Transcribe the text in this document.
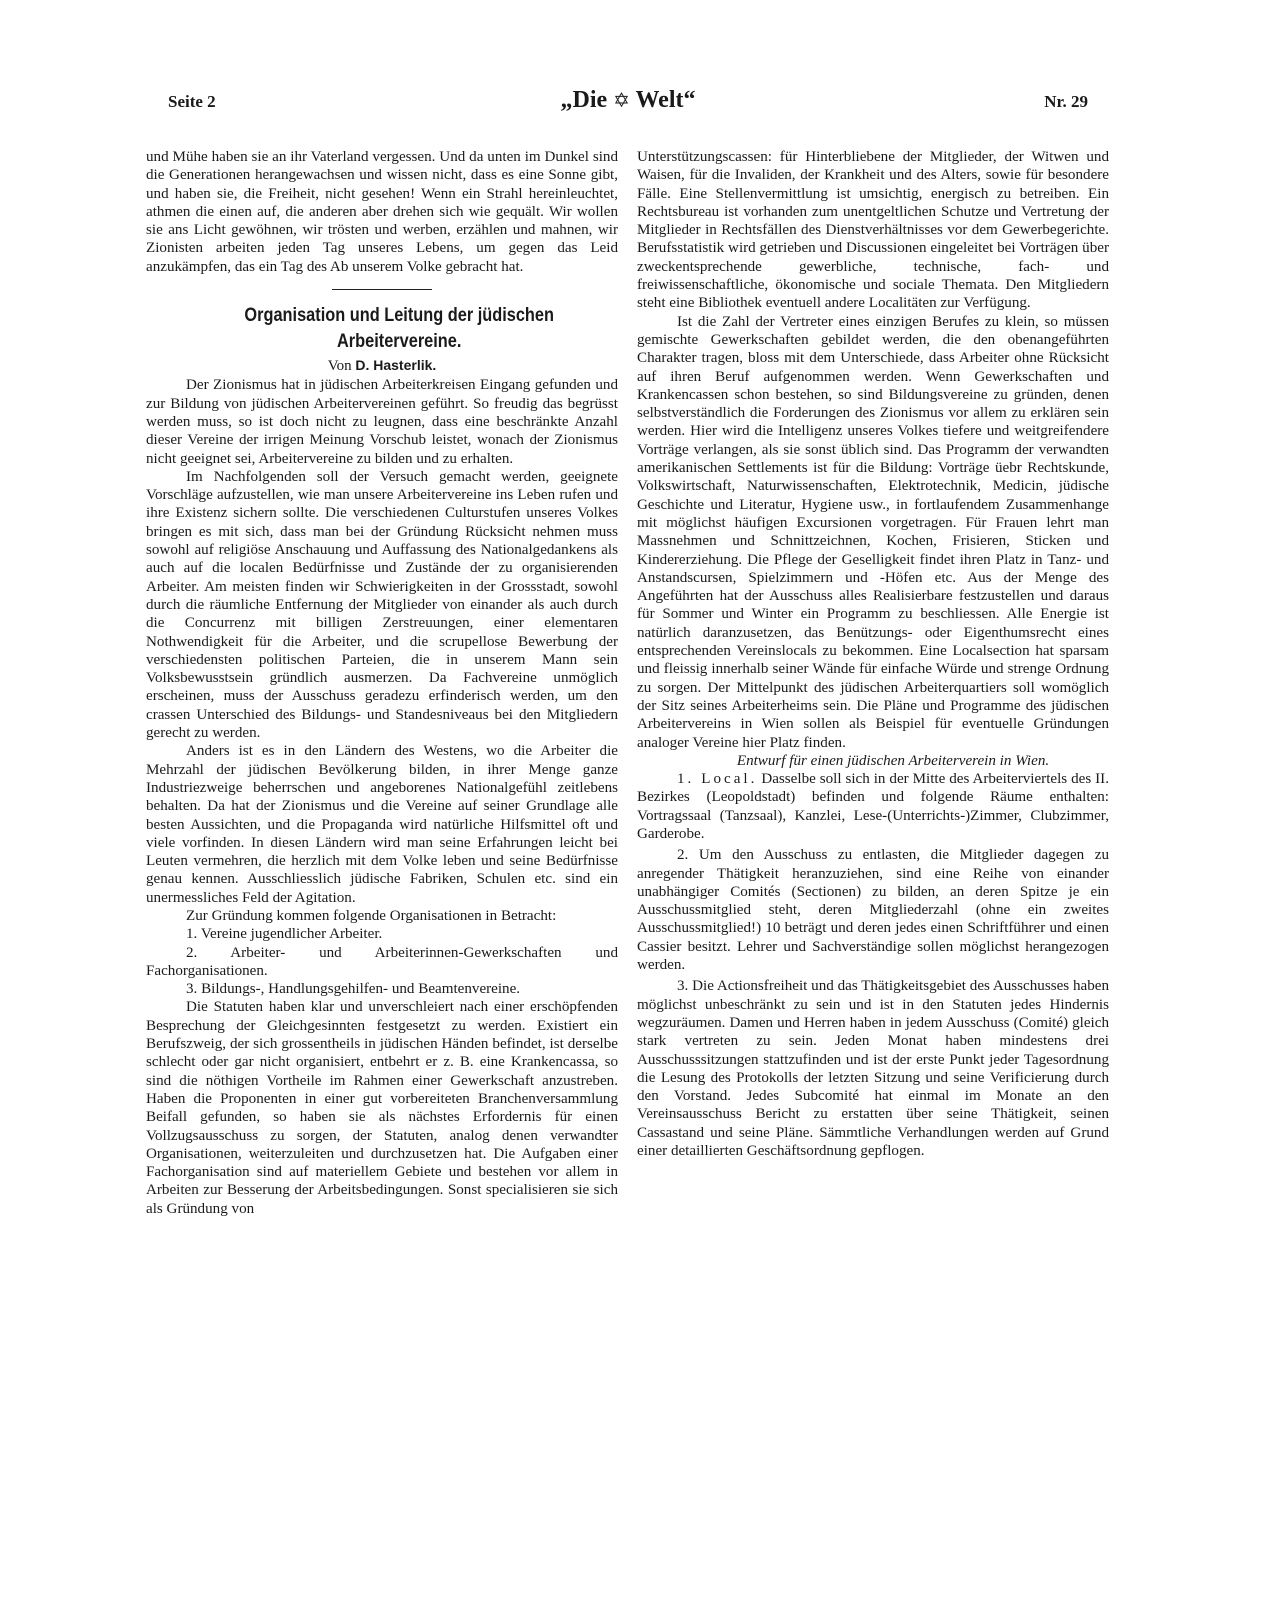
Seite 2	„Die ✡ Welt“	Nr. 29

und Mühe haben sie an ihr Vaterland vergessen. Und da unten im Dunkel sind die Generationen herangewachsen und wissen nicht, dass es eine Sonne gibt, und haben sie, die Freiheit, nicht gesehen! Wenn ein Strahl hereinleuchtet, athmen die einen auf, die anderen aber drehen sich wie gequält. Wir wollen sie ans Licht gewöhnen, wir trösten und werben, erzählen und mahnen, wir Zionisten arbeiten jeden Tag unseres Lebens, um gegen das Leid anzukämpfen, das ein Tag des Ab unserem Volke gebracht hat.

Organisation und Leitung der jüdischen

Arbeitervereine.

Von D. Hasterlik.

Der Zionismus hat in jüdischen Arbeiterkreisen Eingang gefunden und zur Bildung von jüdischen Arbeitervereinen geführt. So freudig das begrüsst werden muss, so ist doch nicht zu leugnen, dass eine beschränkte Anzahl dieser Vereine der irrigen Meinung Vorschub leistet, wonach der Zionismus nicht geeignet sei, Arbeitervereine zu bilden und zu erhalten.

Im Nachfolgenden soll der Versuch gemacht werden, geeignete Vorschläge aufzustellen, wie man unsere Arbeitervereine ins Leben rufen und ihre Existenz sichern sollte. Die verschiedenen Culturstufen unseres Volkes bringen es mit sich, dass man bei der Gründung Rücksicht nehmen muss sowohl auf religiöse Anschauung und Auffassung des Nationalgedankens als auch auf die localen Bedürfnisse und Zustände der zu organisierenden Arbeiter. Am meisten finden wir Schwierigkeiten in der Grossstadt, sowohl durch die räumliche Entfernung der Mitglieder von einander als auch durch die Concurrenz mit billigen Zerstreuungen, einer elementaren Nothwendigkeit für die Arbeiter, und die scrupellose Bewerbung der verschiedensten politischen Parteien, die in unserem Mann sein Volksbewusstsein gründlich ausmerzen. Da Fachvereine unmöglich erscheinen, muss der Ausschuss geradezu erfinderisch werden, um den crassen Unterschied des Bildungs- und Standesniveaus bei den Mitgliedern gerecht zu werden.

Anders ist es in den Ländern des Westens, wo die Arbeiter die Mehrzahl der jüdischen Bevölkerung bilden, in ihrer Menge ganze Industriezweige beherrschen und angeborenes Nationalgefühl zeitlebens behalten. Da hat der Zionismus und die Vereine auf seiner Grundlage alle besten Aussichten, und die Propaganda wird natürliche Hilfsmittel oft und viele vorfinden. In diesen Ländern wird man seine Erfahrungen leicht bei Leuten vermehren, die herzlich mit dem Volke leben und seine Bedürfnisse genau kennen. Ausschliesslich jüdische Fabriken, Schulen etc. sind ein unermessliches Feld der Agitation.

Zur Gründung kommen folgende Organisationen in Betracht:

1. Vereine jugendlicher Arbeiter.

2. Arbeiter- und Arbeiterinnen-Gewerkschaften und Fachorganisationen.

3. Bildungs-, Handlungsgehilfen- und Beamtenvereine.

Die Statuten haben klar und unverschleiert nach einer erschöpfenden Besprechung der Gleichgesinnten festgesetzt zu werden. Existiert ein Berufszweig, der sich grossentheils in jüdischen Händen befindet, ist derselbe schlecht oder gar nicht organisiert, entbehrt er z. B. eine Krankencassa, so sind die nöthigen Vortheile im Rahmen einer Gewerkschaft anzustreben. Haben die Proponenten in einer gut vorbereiteten Branchenversammlung Beifall gefunden, so haben sie als nächstes Erfordernis für einen Vollzugsausschuss zu sorgen, der Statuten, analog denen verwandter Organisationen, weiterzuleiten und durchzusetzen hat. Die Aufgaben einer Fachorganisation sind auf materiellem Gebiete und bestehen vor allem in Arbeiten zur Besserung der Arbeitsbedingungen. Sonst specialisieren sie sich als Gründung von

Unterstützungscassen: für Hinterbliebene der Mitglieder, der Witwen und Waisen, für die Invaliden, der Krankheit und des Alters, sowie für besondere Fälle. Eine Stellenvermittlung ist umsichtig, energisch zu betreiben. Ein Rechtsbureau ist vorhanden zum unentgeltlichen Schutze und Vertretung der Mitglieder in Rechtsfällen des Dienstverhältnisses vor dem Gewerbegerichte. Berufsstatistik wird getrieben und Discussionen eingeleitet bei Vorträgen über zweckentsprechende gewerbliche, technische, fach- und freiwissenschaftliche, ökonomische und sociale Themata. Den Mitgliedern steht eine Bibliothek eventuell andere Localitäten zur Verfügung.

Ist die Zahl der Vertreter eines einzigen Berufes zu klein, so müssen gemischte Gewerkschaften gebildet werden, die den obenangeführten Charakter tragen, bloss mit dem Unterschiede, dass Arbeiter ohne Rücksicht auf ihren Beruf aufgenommen werden. Wenn Gewerkschaften und Krankencassen schon bestehen, so sind Bildungsvereine zu gründen, denen selbstverständlich die Forderungen des Zionismus vor allem zu erklären sein werden. Hier wird die Intelligenz unseres Volkes tiefere und weitgreifendere Vorträge verlangen, als sie sonst üblich sind. Das Programm der verwandten amerikanischen Settlements ist für die Bildung: Vorträge üebr Rechtskunde, Volkswirtschaft, Naturwissenschaften, Elektrotechnik, Medicin, jüdische Geschichte und Literatur, Hygiene usw., in fortlaufendem Zusammenhange mit möglichst häufigen Excursionen vorgetragen. Für Frauen lehrt man Massnehmen und Schnittzeichnen, Kochen, Frisieren, Sticken und Kindererziehung. Die Pflege der Geselligkeit findet ihren Platz in Tanz- und Anstandscursen, Spielzimmern und -Höfen etc. Aus der Menge des Angeführten hat der Ausschuss alles Realisierbare festzustellen und daraus für Sommer und Winter ein Programm zu beschliessen. Alle Energie ist natürlich daranzusetzen, das Benützungs- oder Eigenthumsrecht eines entsprechenden Vereinslocals zu bekommen. Eine Localsection hat sparsam und fleissig innerhalb seiner Wände für einfache Würde und strenge Ordnung zu sorgen. Der Mittelpunkt des jüdischen Arbeiterquartiers soll womöglich der Sitz seines Arbeiterheims sein. Die Pläne und Programme des jüdischen Arbeitervereins in Wien sollen als Beispiel für eventuelle Gründungen analoger Vereine hier Platz finden.

Entwurf für einen jüdischen Arbeiterverein in Wien.

1. Local. Dasselbe soll sich in der Mitte des Arbeiterviertels des II. Bezirkes (Leopoldstadt) befinden und folgende Räume enthalten: Vortragssaal (Tanzsaal), Kanzlei, Lese-(Unterrichts-)Zimmer, Clubzimmer, Garderobe.

2. Um den Ausschuss zu entlasten, die Mitglieder dagegen zu anregender Thätigkeit heranzuziehen, sind eine Reihe von einander unabhängiger Comités (Sectionen) zu bilden, an deren Spitze je ein Ausschussmitglied steht, deren Mitgliederzahl (ohne ein zweites Ausschussmitglied!) 10 beträgt und deren jedes einen Schriftführer und einen Cassier besitzt. Lehrer und Sachverständige sollen möglichst herangezogen werden.

3. Die Actionsfreiheit und das Thätigkeitsgebiet des Ausschusses haben möglichst unbeschränkt zu sein und ist in den Statuten jedes Hindernis wegzuräumen. Damen und Herren haben in jedem Ausschuss (Comité) gleich stark vertreten zu sein. Jeden Monat haben mindestens drei Ausschusssitzungen stattzufinden und ist der erste Punkt jeder Tagesordnung die Lesung des Protokolls der letzten Sitzung und seine Verificierung durch den Vorstand. Jedes Subcomité hat einmal im Monate an den Vereinsausschuss Bericht zu erstatten über seine Thätigkeit, seinen Cassastand und seine Pläne. Sämmtliche Verhandlungen werden auf Grund einer detaillierten Geschäftsordnung gepflogen.
